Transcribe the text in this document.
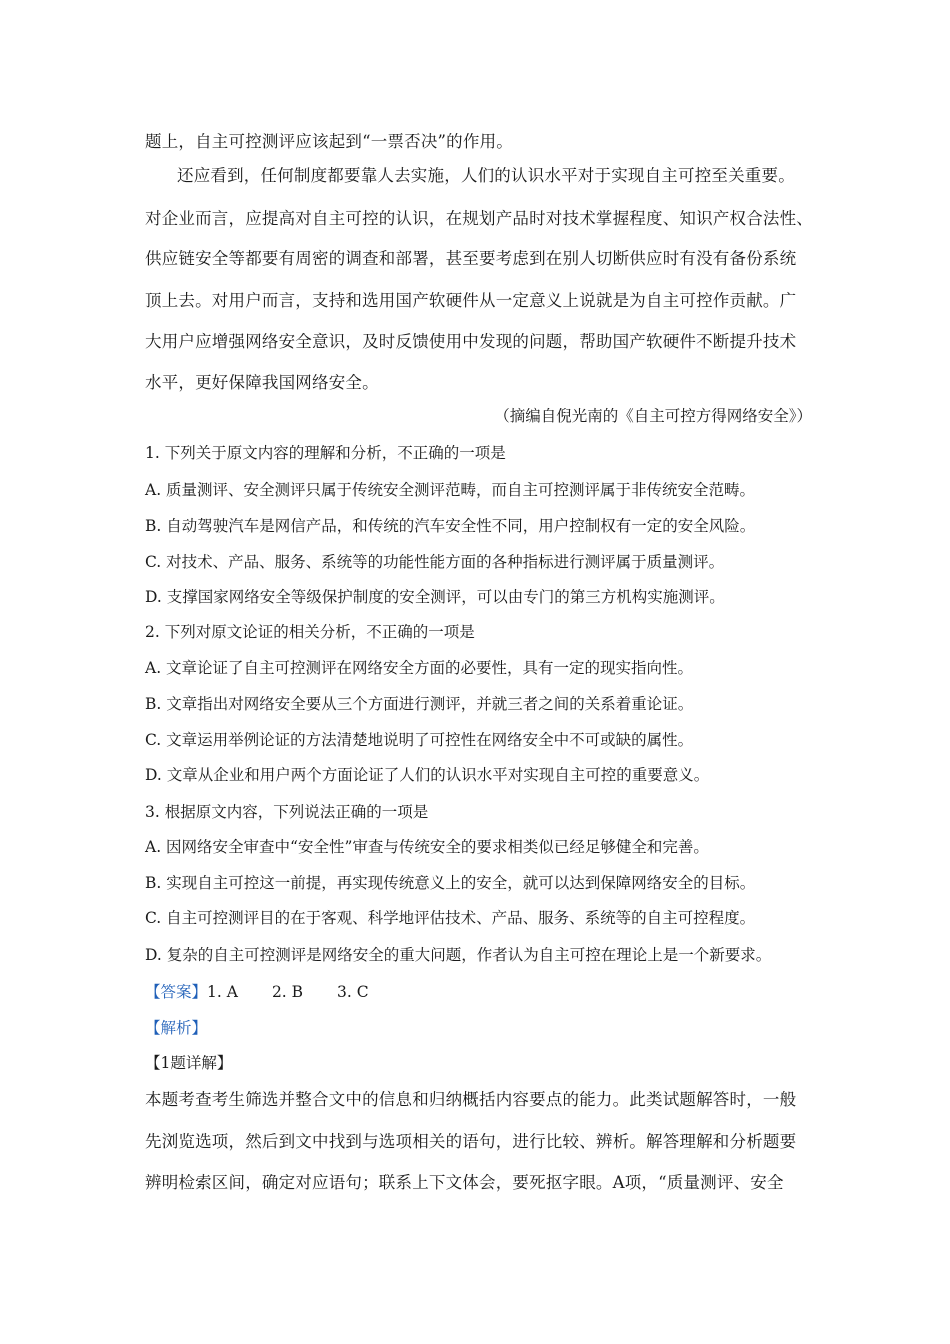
题上，自主可控测评应该起到“一票否决”的作用。
还应看到，任何制度都要靠人去实施，人们的认识水平对于实现自主可控至关重要。
对企业而言，应提高对自主可控的认识，在规划产品时对技术掌握程度、知识产权合法性、
供应链安全等都要有周密的调查和部署，甚至要考虑到在别人切断供应时有没有备份系统
顶上去。对用户而言，支持和选用国产软硬件从一定意义上说就是为自主可控作贡献。广
大用户应增强网络安全意识，及时反馈使用中发现的问题，帮助国产软硬件不断提升技术
水平，更好保障我国网络安全。
（摘编自倪光南的《自主可控方得网络安全》）
1. 下列关于原文内容的理解和分析，不正确的一项是
A. 质量测评、安全测评只属于传统安全测评范畴，而自主可控测评属于非传统安全范畴。
B. 自动驾驶汽车是网信产品，和传统的汽车安全性不同，用户控制权有一定的安全风险。
C. 对技术、产品、服务、系统等的功能性能方面的各种指标进行测评属于质量测评。
D. 支撑国家网络安全等级保护制度的安全测评，可以由专门的第三方机构实施测评。
2. 下列对原文论证的相关分析，不正确的一项是
A. 文章论证了自主可控测评在网络安全方面的必要性，具有一定的现实指向性。
B. 文章指出对网络安全要从三个方面进行测评，并就三者之间的关系着重论证。
C. 文章运用举例论证的方法清楚地说明了可控性在网络安全中不可或缺的属性。
D. 文章从企业和用户两个方面论证了人们的认识水平对实现自主可控的重要意义。
3. 根据原文内容，下列说法正确的一项是
A. 因网络安全审查中“安全性”审查与传统安全的要求相类似已经足够健全和完善。
B. 实现自主可控这一前提，再实现传统意义上的安全，就可以达到保障网络安全的目标。
C. 自主可控测评目的在于客观、科学地评估技术、产品、服务、系统等的自主可控程度。
D. 复杂的自主可控测评是网络安全的重大问题，作者认为自主可控在理论上是一个新要求。
【答案】1. A 2. B 3. C
【解析】
【1题详解】
本题考查考生筛选并整合文中的信息和归纳概括内容要点的能力。此类试题解答时，一般
先浏览选项，然后到文中找到与选项相关的语句，进行比较、辨析。解答理解和分析题要
辨明检索区间，确定对应语句；联系上下文体会，要死抠字眼。A项，“质量测评、安全
